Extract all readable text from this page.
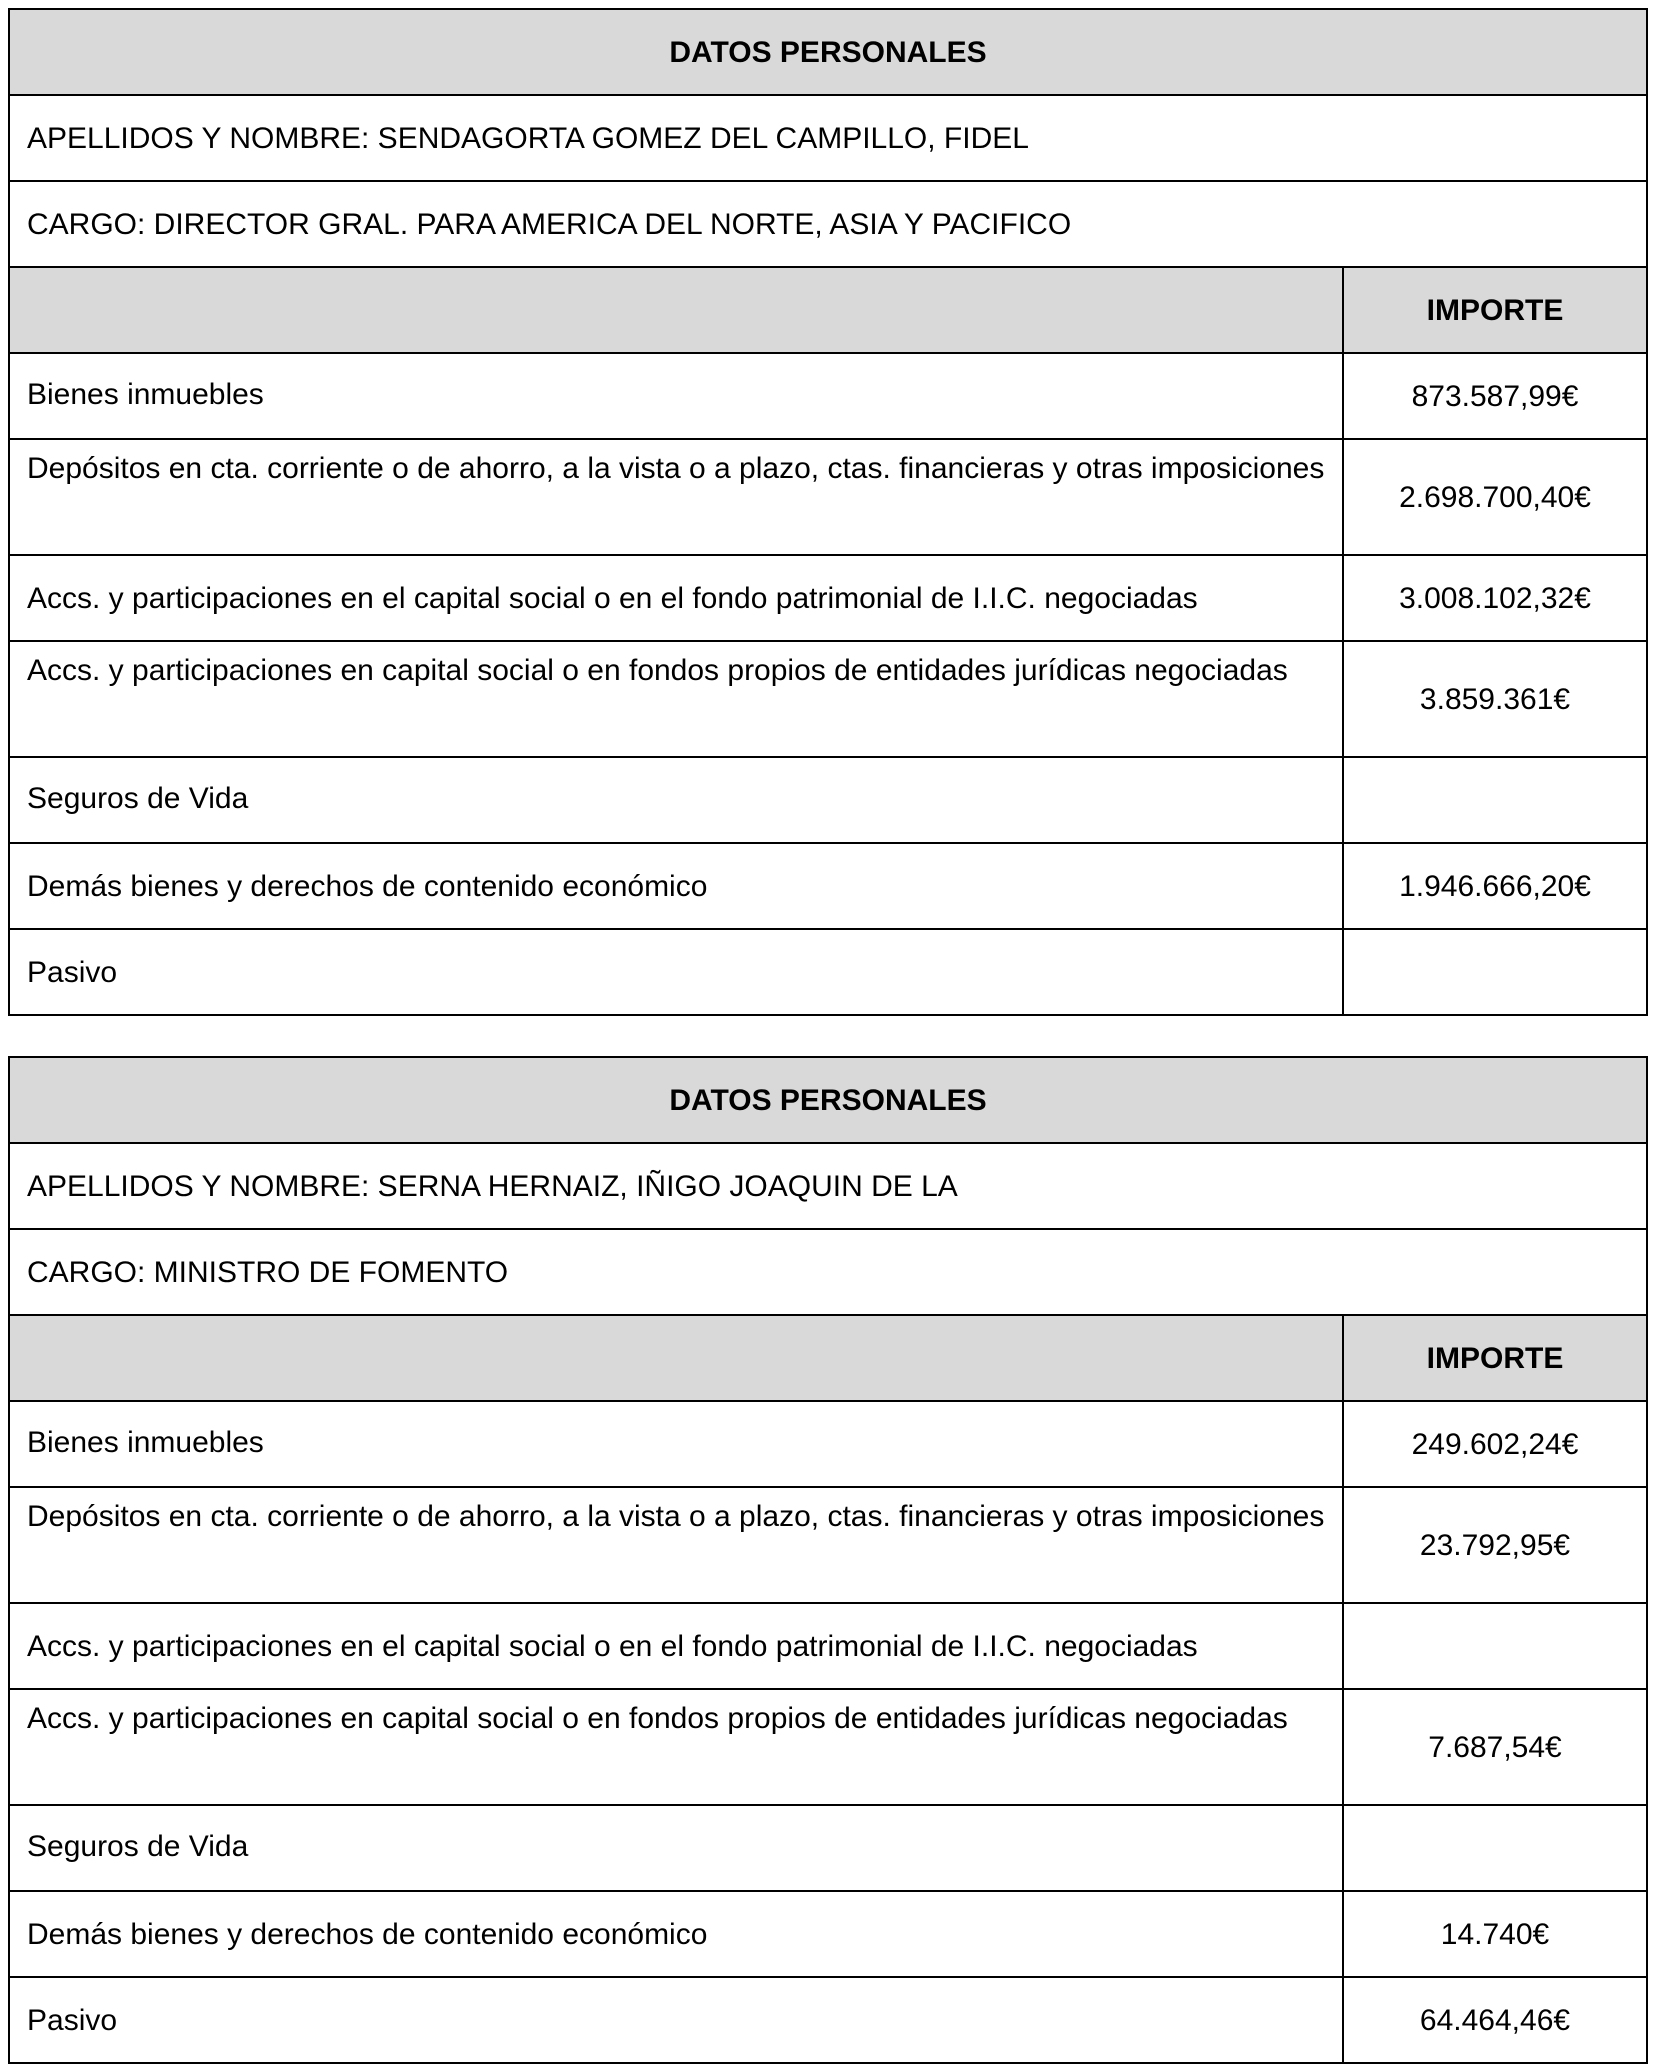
DATOS PERSONALES	
APELLIDOS Y NOMBRE: SENDAGORTA GOMEZ DEL CAMPILLO, FIDEL	
CARGO: DIRECTOR GRAL. PARA AMERICA DEL NORTE, ASIA Y PACIFICO	
	IMPORTE
Bienes inmuebles	873.587,99€
Depósitos en cta. corriente o de ahorro, a la vista o a plazo, ctas. financieras y otras imposiciones	2.698.700,40€
Accs. y participaciones en el capital social o en el fondo patrimonial de I.I.C. negociadas	3.008.102,32€
Accs. y participaciones en capital social o en fondos propios de entidades jurídicas negociadas	3.859.361€
Seguros de Vida	
Demás bienes y derechos de contenido económico	1.946.666,20€
Pasivo	
DATOS PERSONALES	
APELLIDOS Y NOMBRE: SERNA HERNAIZ, IÑIGO JOAQUIN DE LA	
CARGO: MINISTRO DE FOMENTO	
	IMPORTE
Bienes inmuebles	249.602,24€
Depósitos en cta. corriente o de ahorro, a la vista o a plazo, ctas. financieras y otras imposiciones	23.792,95€
Accs. y participaciones en el capital social o en el fondo patrimonial de I.I.C. negociadas	
Accs. y participaciones en capital social o en fondos propios de entidades jurídicas negociadas	7.687,54€
Seguros de Vida	
Demás bienes y derechos de contenido económico	14.740€
Pasivo	64.464,46€
